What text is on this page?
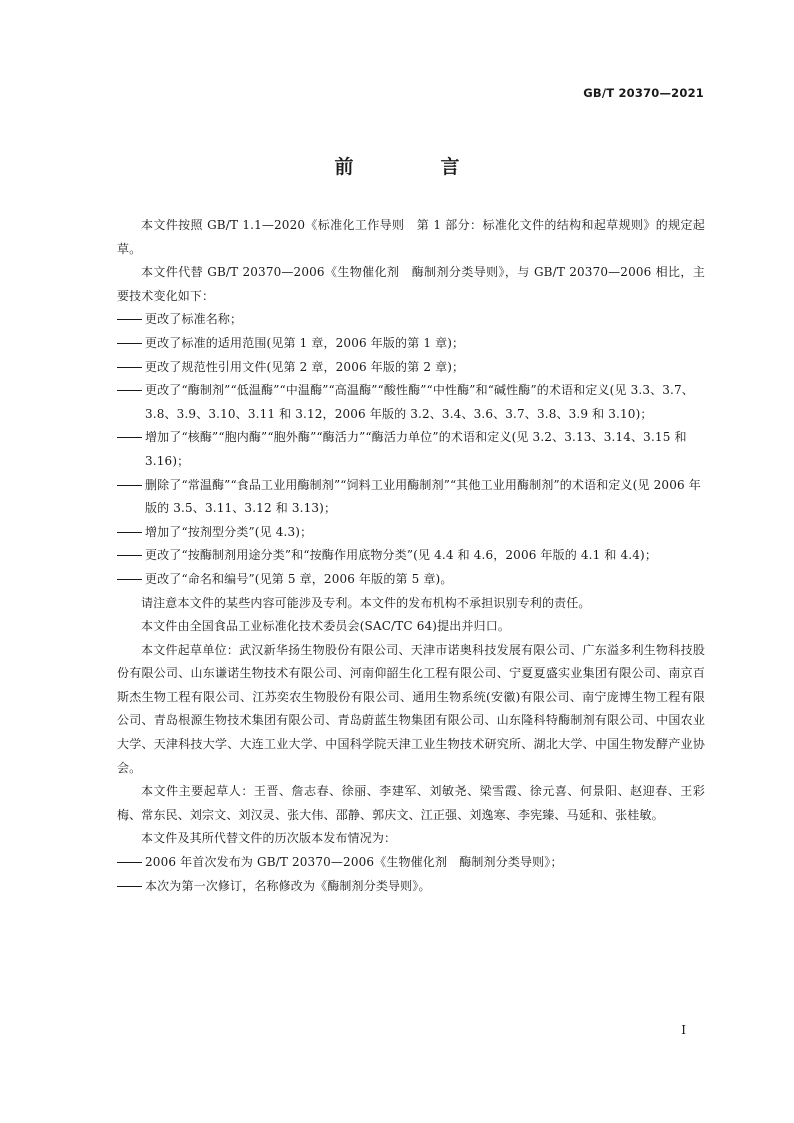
GB/T 20370—2021
前　言

本文件按照 GB/T 1.1—2020《标准化工作导则　第 1 部分：标准化文件的结构和起草规则》的规定起草。

本文件代替 GB/T 20370—2006《生物催化剂　酶制剂分类导则》，与 GB/T 20370—2006 相比，主要技术变化如下：

更改了标准名称；
更改了标准的适用范围(见第 1 章，2006 年版的第 1 章)；
更改了规范性引用文件(见第 2 章，2006 年版的第 2 章)；
更改了“酶制剂”“低温酶”“中温酶”“高温酶”“酸性酶”“中性酶”和“碱性酶”的术语和定义(见 3.3、3.7、3.8、3.9、3.10、3.11 和 3.12，2006 年版的 3.2、3.4、3.6、3.7、3.8、3.9 和 3.10)；
增加了“核酶”“胞内酶”“胞外酶”“酶活力”“酶活力单位”的术语和定义(见 3.2、3.13、3.14、3.15 和 3.16)；
删除了“常温酶”“食品工业用酶制剂”“饲料工业用酶制剂”“其他工业用酶制剂”的术语和定义(见 2006 年版的 3.5、3.11、3.12 和 3.13)；
增加了“按剂型分类”(见 4.3)；
更改了“按酶制剂用途分类”和“按酶作用底物分类”(见 4.4 和 4.6，2006 年版的 4.1 和 4.4)；
更改了“命名和编号”(见第 5 章，2006 年版的第 5 章)。

请注意本文件的某些内容可能涉及专利。本文件的发布机构不承担识别专利的责任。

本文件由全国食品工业标准化技术委员会(SAC/TC 64)提出并归口。

本文件起草单位：武汉新华扬生物股份有限公司、天津市诺奥科技发展有限公司、广东溢多利生物科技股份有限公司、山东谦诺生物技术有限公司、河南仰韶生化工程有限公司、宁夏夏盛实业集团有限公司、南京百斯杰生物工程有限公司、江苏奕农生物股份有限公司、通用生物系统(安徽)有限公司、南宁庞博生物工程有限公司、青岛根源生物技术集团有限公司、青岛蔚蓝生物集团有限公司、山东隆科特酶制剂有限公司、中国农业大学、天津科技大学、大连工业大学、中国科学院天津工业生物技术研究所、湖北大学、中国生物发酵产业协会。

本文件主要起草人：王晋、詹志春、徐丽、李建军、刘敏尧、梁雪霞、徐元喜、何景阳、赵迎春、王彩梅、常东民、刘宗文、刘汉灵、张大伟、邵静、郭庆文、江正强、刘逸寒、李宪臻、马延和、张桂敏。

本文件及其所代替文件的历次版本发布情况为：

2006 年首次发布为 GB/T 20370—2006《生物催化剂　酶制剂分类导则》；
本次为第一次修订，名称修改为《酶制剂分类导则》。
I
